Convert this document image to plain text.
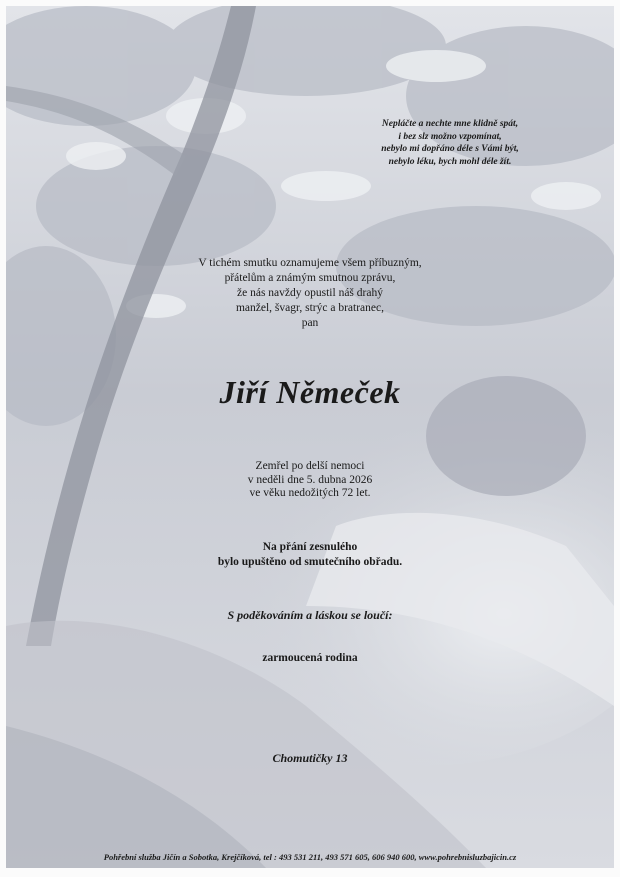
Nepláčte a nechte mne klidně spát,
i bez slz možno vzpomínat,
nebylo mi dopřáno déle s Vámi být,
nebylo léku, bych mohl déle žít.
V tichém smutku oznamujeme všem příbuzným,
přátelům a známým smutnou zprávu,
že nás navždy opustil náš drahý
manžel, švagr, strýc a bratranec,
pan
Jiří Němeček
Zemřel po delší nemoci
v neděli dne 5. dubna 2026
ve věku nedožitých 72 let.
Na přání zesnulého
bylo upuštěno od smutečního obřadu.
S poděkováním a láskou se loučí:
zarmoucená rodina
Chomutičky 13
Pohřební služba Jičín a Sobotka, Krejčíková, tel : 493 531 211, 493 571 605, 606 940 600, www.pohrebnisluzbajicin.cz
